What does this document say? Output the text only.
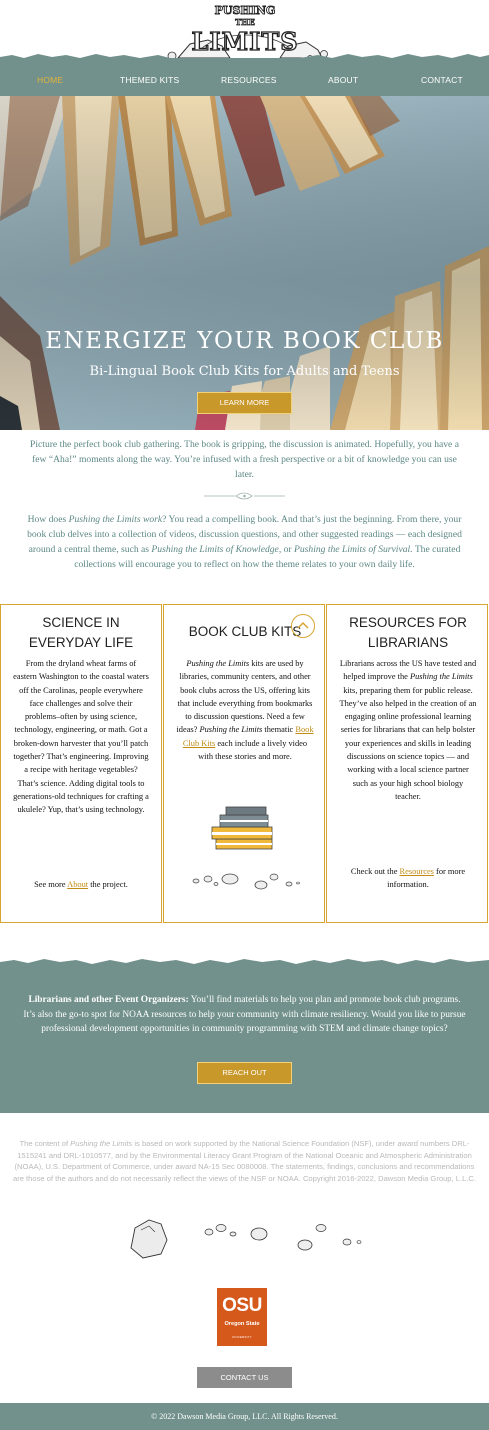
PUSHING
THE
LIMITS
HOME	THEMED KITS	RESOURCES	ABOUT	CONTACT
ENERGIZE YOUR BOOK CLUB
Bi-Lingual Book Club Kits for Adults and Teens
LEARN MORE

Picture the perfect book club gathering. The book is gripping, the discussion is animated. Hopefully, you have a few “Aha!” moments along the way. You’re infused with a fresh perspective or a bit of knowledge you can use later.

How does Pushing the Limits work? You read a compelling book. And that’s just the beginning. From there, your book club delves into a collection of videos, discussion questions, and other suggested readings — each designed around a central theme, such as Pushing the Limits of Knowledge, or Pushing the Limits of Survival. The curated collections will encourage you to reflect on how the theme relates to your own daily life.

SCIENCE IN EVERYDAY LIFE

From the dryland wheat farms of eastern Washington to the coastal waters off the Carolinas, people everywhere face challenges and solve their problems–often by using science, technology, engineering, or math. Got a broken-down harvester that you’ll patch together? That’s engineering. Improving a recipe with heritage vegetables? That’s science. Adding digital tools to generations-old techniques for crafting a ukulele? Yup, that’s using technology.

See more About the project.

BOOK CLUB KITS

Pushing the Limits kits are used by libraries, community centers, and other book clubs across the US, offering kits that include everything from bookmarks to discussion questions. Need a few ideas? Pushing the Limits thematic Book Club Kits each include a lively video with these stories and more.

RESOURCES FOR LIBRARIANS

Librarians across the US have tested and helped improve the Pushing the Limits kits, preparing them for public release. They’ve also helped in the creation of an engaging online professional learning series for librarians that can help bolster your experiences and skills in leading discussions on science topics — and working with a local science partner such as your high school biology teacher.

Check out the Resources for more information.

Librarians and other Event Organizers: You’ll find materials to help you plan and promote book club programs. It’s also the go-to spot for NOAA resources to help your community with climate resiliency. Would you like to pursue professional development opportunities in community programming with STEM and climate change topics?

REACH OUT

The content of Pushing the Limits is based on work supported by the National Science Foundation (NSF), under award numbers DRL-1515241 and DRL-1010577, and by the Environmental Literacy Grant Program of the National Oceanic and Atmospheric Administration (NOAA), U.S. Department of Commerce, under award NA-15 Sec 0080008. The statements, findings, conclusions and recommendations are those of the authors and do not necessarily reflect the views of the NSF or NOAA. Copyright 2016-2022, Dawson Media Group, L.L.C.

OSU
Oregon State
UNIVERSITY
CONTACT US
© 2022 Dawson Media Group, LLC. All Rights Reserved.
